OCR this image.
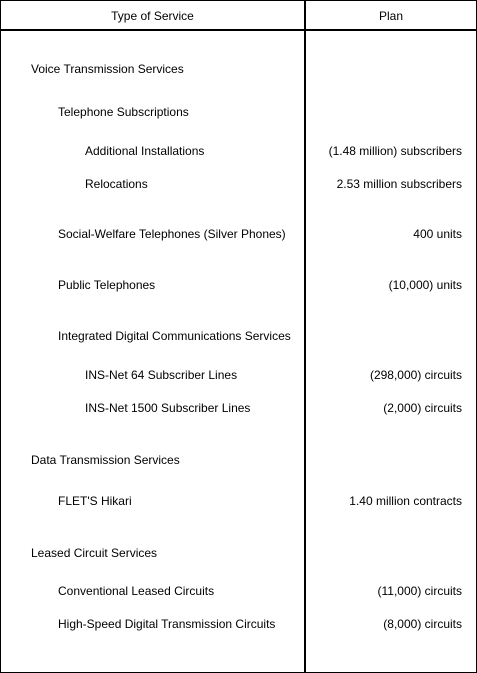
Type of Service	Plan
Voice Transmission Services
Telephone Subscriptions
Additional Installations	(1.48 million) subscribers
Relocations	2.53 million subscribers
Social-Welfare Telephones (Silver Phones)	400 units
Public Telephones	(10,000) units
Integrated Digital Communications Services
INS-Net 64 Subscriber Lines	(298,000) circuits
INS-Net 1500 Subscriber Lines	(2,000) circuits
Data Transmission Services
FLET'S Hikari	1.40 million contracts
Leased Circuit Services
Conventional Leased Circuits	(11,000) circuits
High-Speed Digital Transmission Circuits	(8,000) circuits
